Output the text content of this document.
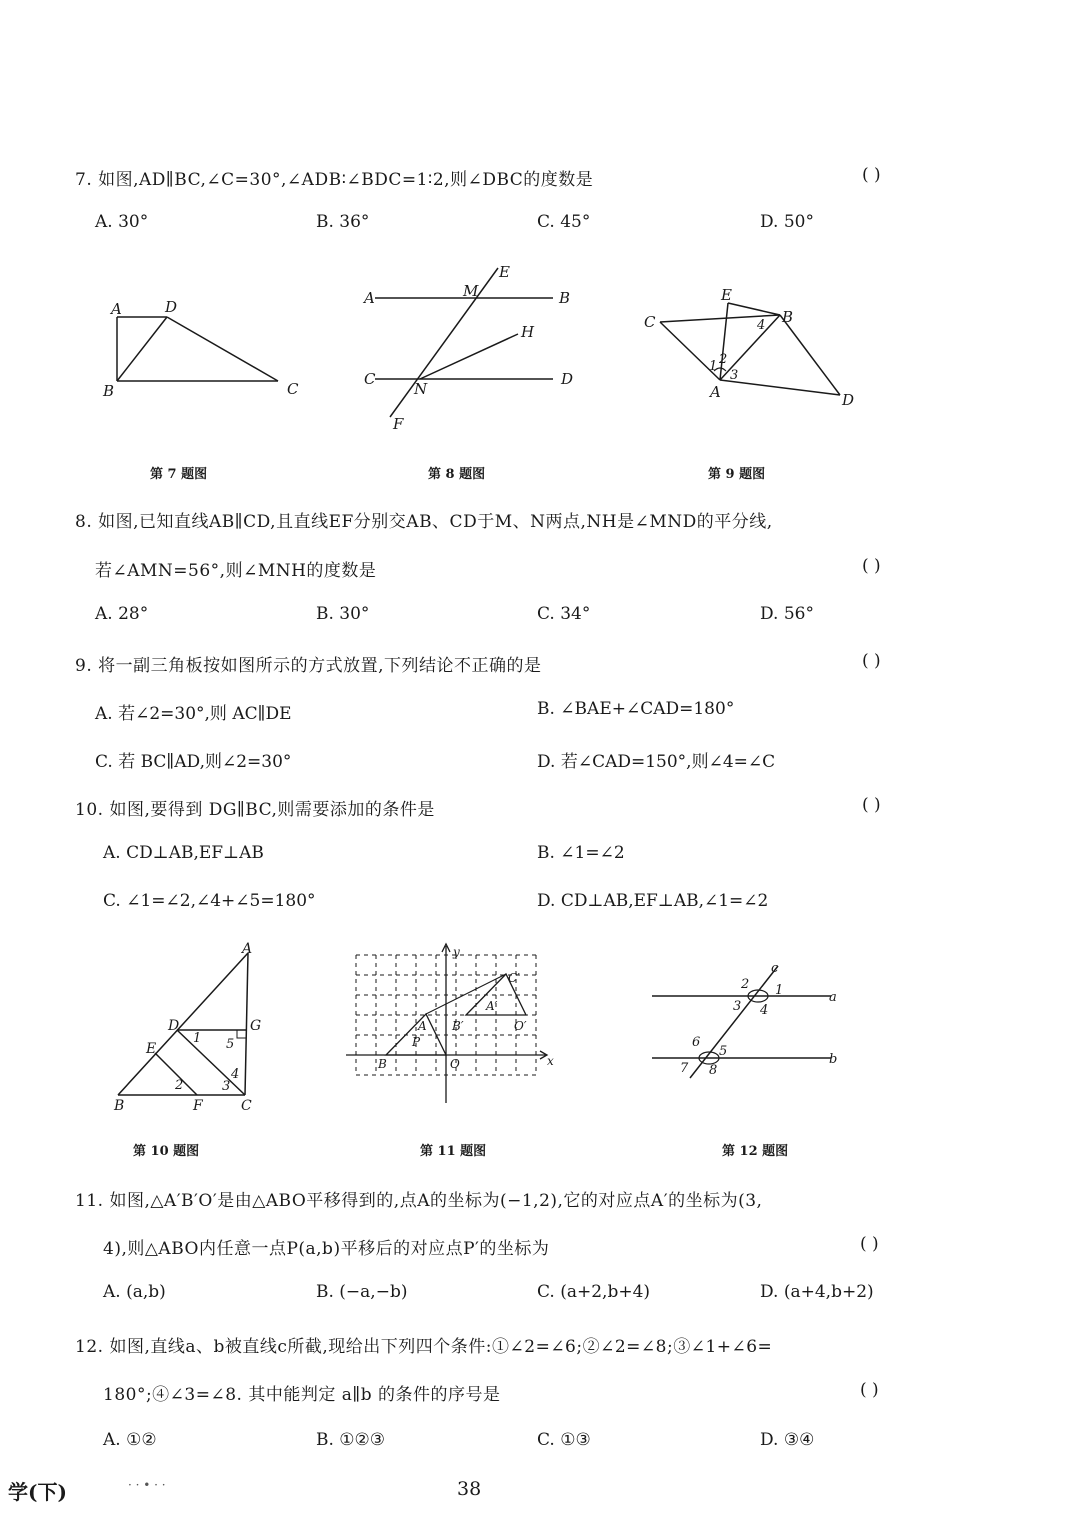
7. 如图,AD∥BC,∠C=30°,∠ADB∶∠BDC=1∶2,则∠DBC的度数是	( )
A. 30°	B. 36°	C. 45°	D. 50°
A	D
B	C
A	M	B
E
H
C
N
D
F
C
E
B
4
1 2
3
A	D
第 7 题图	第 8 题图	第 9 题图
8. 如图,已知直线AB∥CD,且直线EF分别交AB、CD于M、N两点,NH是∠MND的平分线,
若∠AMN=56°,则∠MNH的度数是	( )
A. 28°	B. 30°	C. 34°	D. 56°
9. 将一副三角板按如图所示的方式放置,下列结论不正确的是	( )
A. 若∠2=30°,则 AC∥DE	B. ∠BAE+∠CAD=180°
C. 若 BC∥AD,则∠2=30°	D. 若∠CAD=150°,则∠4=∠C
10. 如图,要得到 DG∥BC,则需要添加的条件是	( )
A. CD⊥AB,EF⊥AB	B. ∠1=∠2
C. ∠1=∠2,∠4+∠5=180°	D. CD⊥AB,EF⊥AB,∠1=∠2
A
D
1
G
5
E
2	3
4
B	F	C
y
x
C′
A′
B′	O′
A
P
B	O
c
2 1	a
3 4
6
5
b
7 8
第 10 题图	第 11 题图	第 12 题图
11. 如图,△A′B′O′是由△ABO平移得到的,点A的坐标为(−1,2),它的对应点A′的坐标为(3,
4),则△ABO内任意一点P(a,b)平移后的对应点P′的坐标为	( )
A. (a,b)	B. (−a,−b)	C. (a+2,b+4)	D. (a+4,b+2)
12. 如图,直线a、b被直线c所截,现给出下列四个条件:①∠2=∠6;②∠2=∠8;③∠1+∠6=
180°;④∠3=∠8. 其中能判定 a∥b 的条件的序号是	( )
A. ①②	B. ①②③	C. ①③	D. ③④
学(下)	· · • · ·	38
